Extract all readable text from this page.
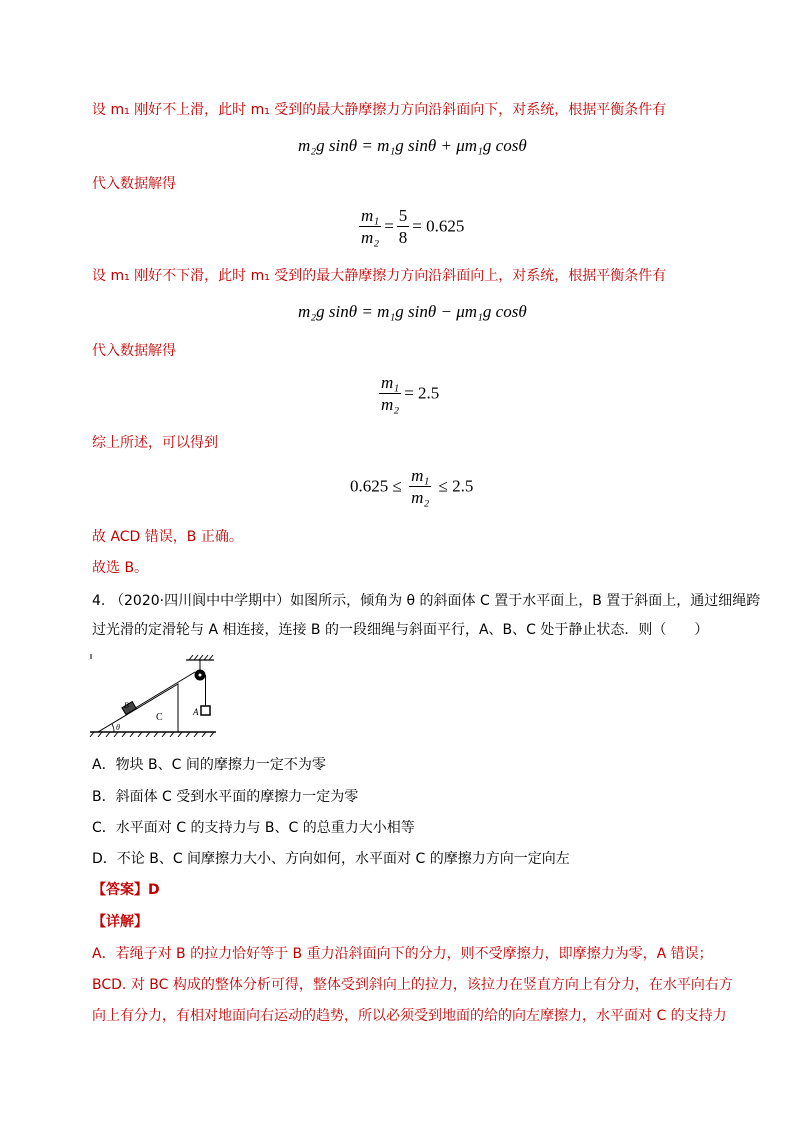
设 m₁ 刚好不上滑，此时 m₁ 受到的最大静摩擦力方向沿斜面向下，对系统，根据平衡条件有
m₂g sinθ = m₁g sinθ + μm₁g cosθ
代入数据解得
$\frac{\text{m₁}}{\text{m₂}} = \frac{5}{8} = 0.625$
设 m₁ 刚好不下滑，此时 m₁ 受到的最大静摩擦力方向沿斜面向上，对系统，根据平衡条件有
m₂g sinθ = m₁g sinθ − μm₁g cosθ
代入数据解得
$\frac{\text{m₁}}{\text{m₂}} = 2.5$
综上所述，可以得到
$0.625 \le \frac{\text{m₁}}{\text{m₂}} \le 2.5$
故 ACD 错误，B 正确。
故选 B。
4. （2020·四川阆中中学期中）如图所示，倾角为 θ 的斜面体 C 置于水平面上，B 置于斜面上，通过细绳跨
过光滑的定滑轮与 A 相连接，连接 B 的一段细绳与斜面平行，A、B、C 处于静止状态．则（　　）
A
C
B
θ
A．物块 B、C 间的摩擦力一定不为零
B．斜面体 C 受到水平面的摩擦力一定为零
C．水平面对 C 的支持力与 B、C 的总重力大小相等
D．不论 B、C 间摩擦力大小、方向如何，水平面对 C 的摩擦力方向一定向左
【答案】D
【详解】
A．若绳子对 B 的拉力恰好等于 B 重力沿斜面向下的分力，则不受摩擦力，即摩擦力为零，A 错误；
BCD. 对 BC 构成的整体分析可得，整体受到斜向上的拉力，该拉力在竖直方向上有分力，在水平向右方
向上有分力，有相对地面向右运动的趋势，所以必须受到地面的给的向左摩擦力，水平面对 C 的支持力
